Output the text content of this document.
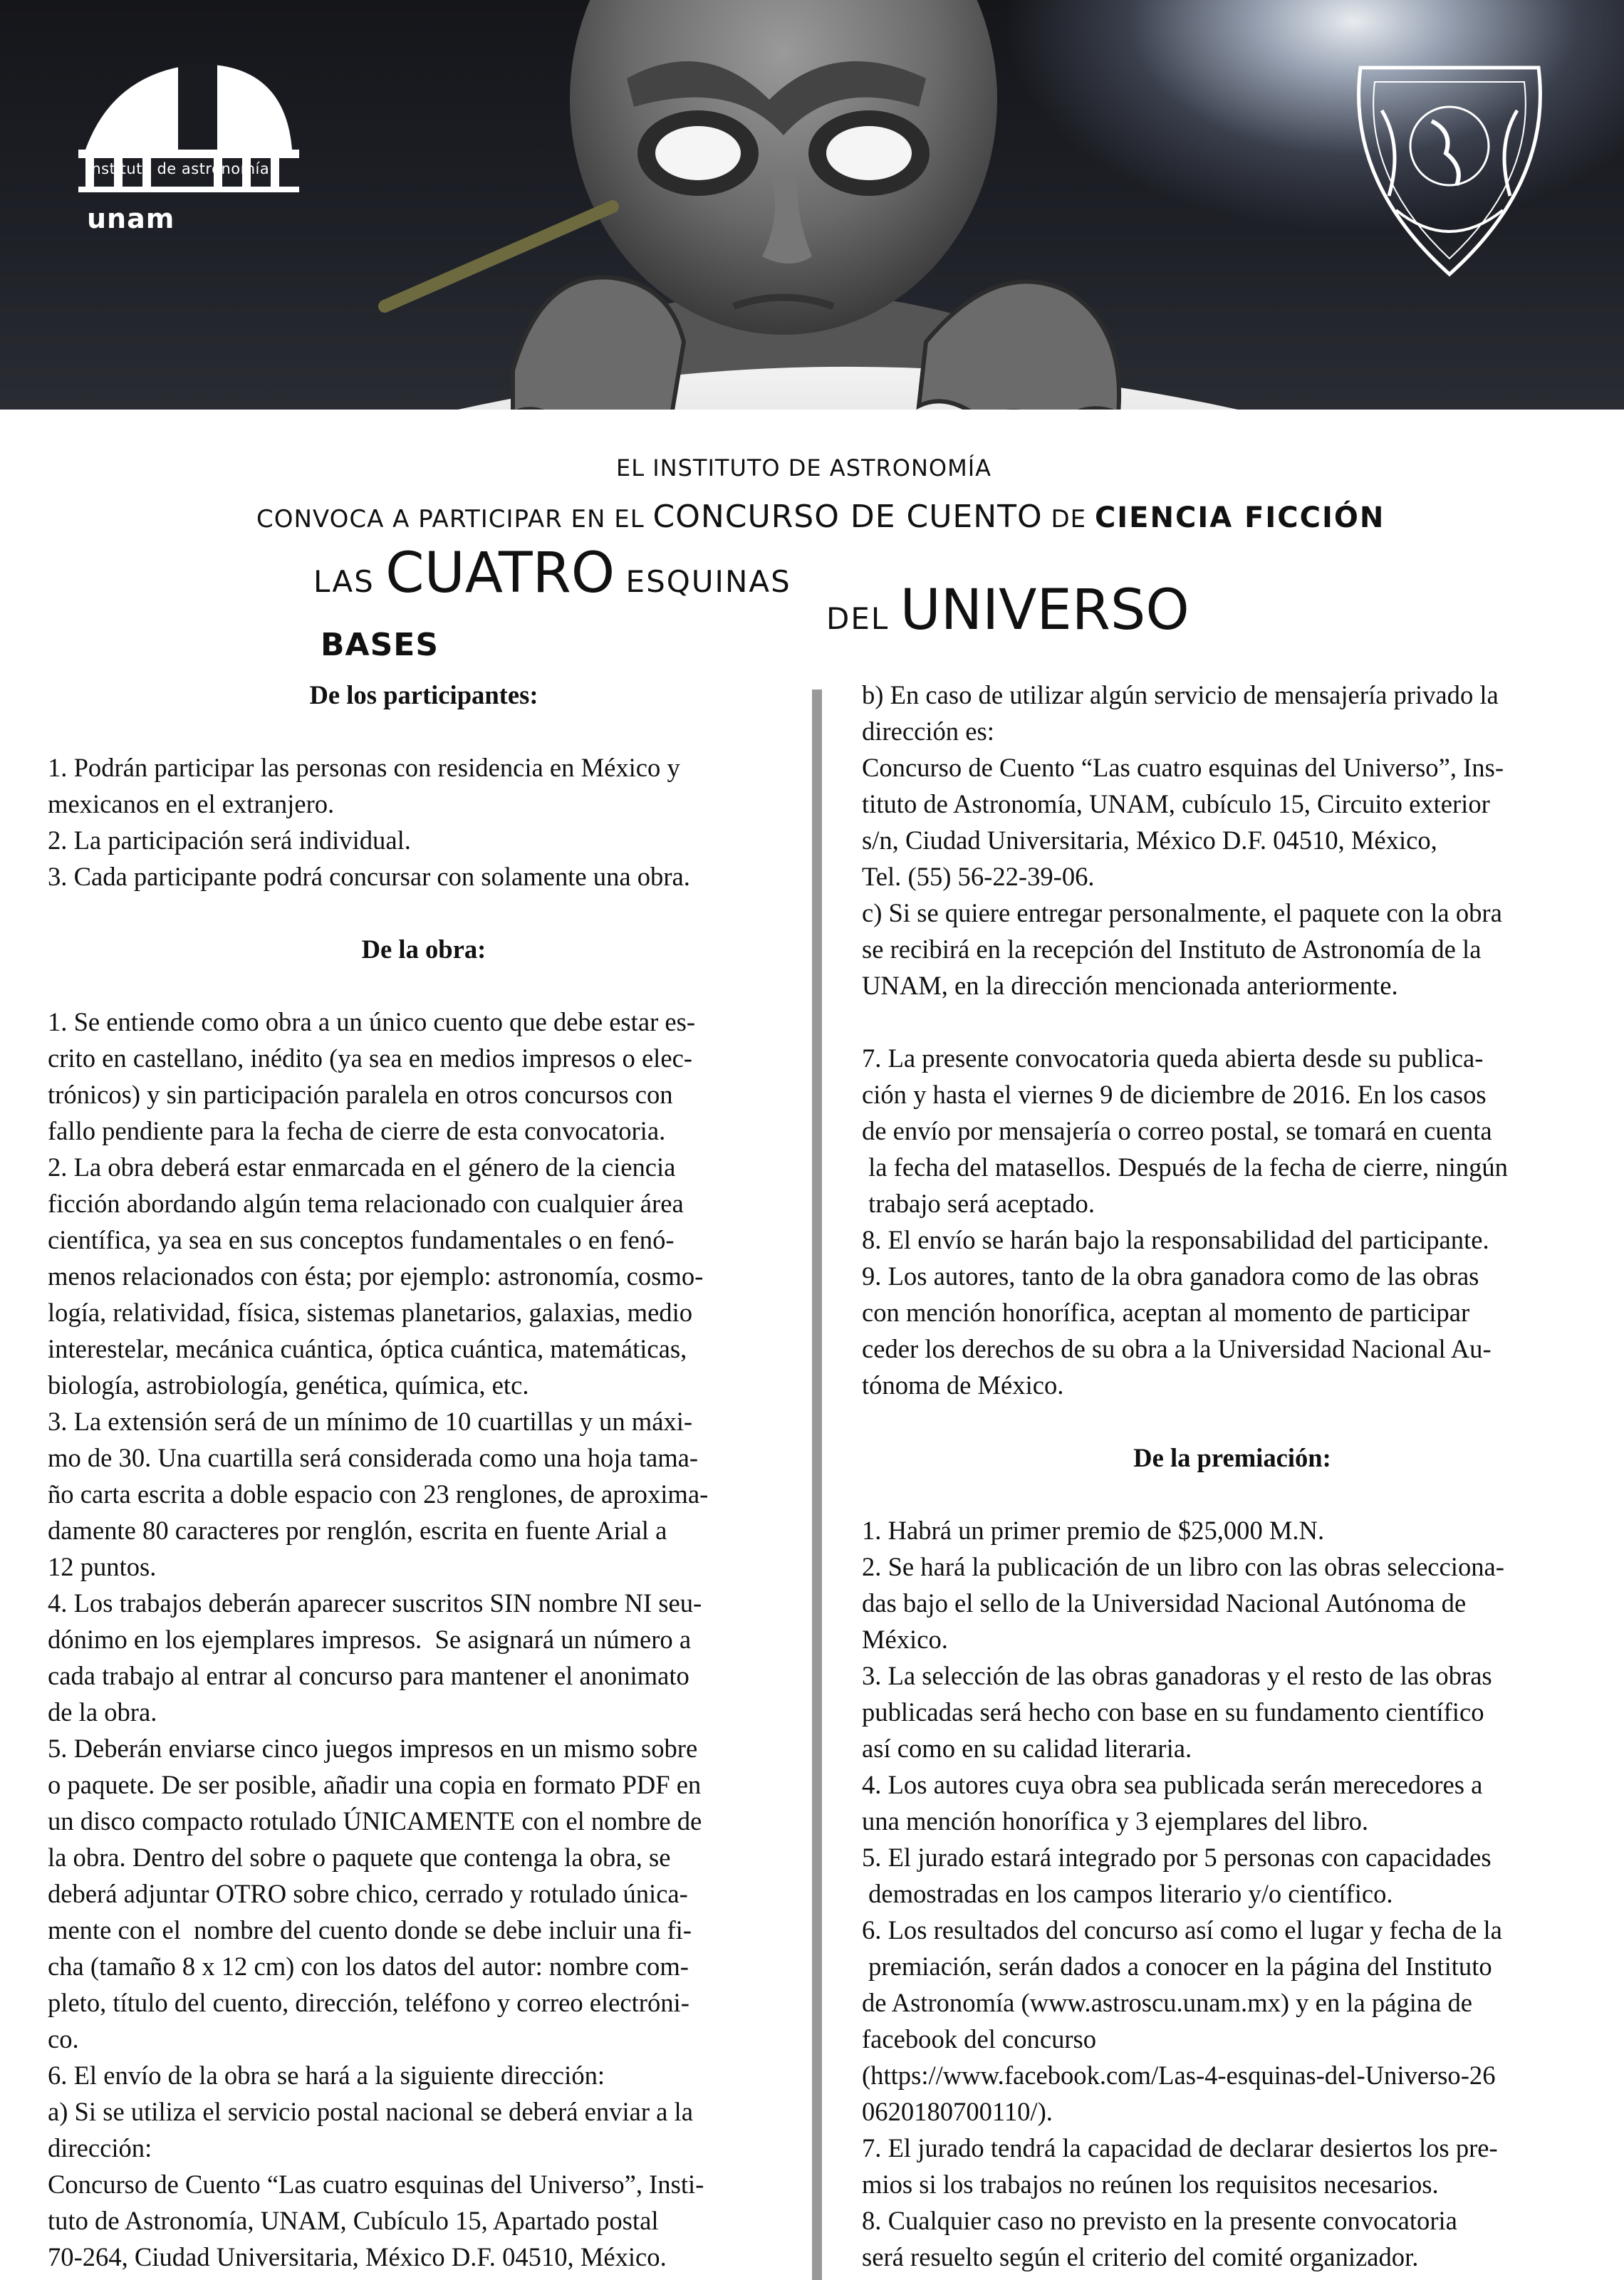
instituto de astronomía
unam
EL INSTITUTO DE ASTRONOMÍA
CONVOCA A PARTICIPAR EN EL CONCURSO DE CUENTO DE CIENCIA FICCIÓN
LAS CUATRO ESQUINAS
DEL UNIVERSO
BASES

De los participantes:

1. Podrán participar las personas con residencia en México y

mexicanos en el extranjero.

2. La participación será individual.

3. Cada participante podrá concursar con solamente una obra.

De la obra:

1. Se entiende como obra a un único cuento que debe estar es-

crito en castellano, inédito (ya sea en medios impresos o elec-

trónicos) y sin participación paralela en otros concursos con

fallo pendiente para la fecha de cierre de esta convocatoria.

2. La obra deberá estar enmarcada en el género de la ciencia

ficción abordando algún tema relacionado con cualquier área

científica, ya sea en sus conceptos fundamentales o en fenó-

menos relacionados con ésta; por ejemplo: astronomía, cosmo-

logía, relatividad, física, sistemas planetarios, galaxias, medio

interestelar, mecánica cuántica, óptica cuántica, matemáticas,

biología, astrobiología, genética, química, etc.

3. La extensión será de un mínimo de 10 cuartillas y un máxi-

mo de 30. Una cuartilla será considerada como una hoja tama-

ño carta escrita a doble espacio con 23 renglones, de aproxima-

damente 80 caracteres por renglón, escrita en fuente Arial a

12 puntos.

4. Los trabajos deberán aparecer suscritos SIN nombre NI seu-

dónimo en los ejemplares impresos.  Se asignará un número a

cada trabajo al entrar al concurso para mantener el anonimato

de la obra.

5. Deberán enviarse cinco juegos impresos en un mismo sobre

o paquete. De ser posible, añadir una copia en formato PDF en

un disco compacto rotulado ÚNICAMENTE con el nombre de

la obra. Dentro del sobre o paquete que contenga la obra, se

deberá adjuntar OTRO sobre chico, cerrado y rotulado única-

mente con el  nombre del cuento donde se debe incluir una fi-

cha (tamaño 8 x 12 cm) con los datos del autor: nombre com-

pleto, título del cuento, dirección, teléfono y correo electróni-

co.

6. El envío de la obra se hará a la siguiente dirección:

a) Si se utiliza el servicio postal nacional se deberá enviar a la

dirección:

Concurso de Cuento “Las cuatro esquinas del Universo”, Insti-

tuto de Astronomía, UNAM, Cubículo 15, Apartado postal

70-264, Ciudad Universitaria, México D.F. 04510, México.

b) En caso de utilizar algún servicio de mensajería privado la

dirección es:

Concurso de Cuento “Las cuatro esquinas del Universo”, Ins-

tituto de Astronomía, UNAM, cubículo 15, Circuito exterior

s/n, Ciudad Universitaria, México D.F. 04510, México,

Tel. (55) 56-22-39-06.

c) Si se quiere entregar personalmente, el paquete con la obra

se recibirá en la recepción del Instituto de Astronomía de la

UNAM, en la dirección mencionada anteriormente.

7. La presente convocatoria queda abierta desde su publica-

ción y hasta el viernes 9 de diciembre de 2016. En los casos

de envío por mensajería o correo postal, se tomará en cuenta

la fecha del matasellos. Después de la fecha de cierre, ningún

trabajo será aceptado.

8. El envío se harán bajo la responsabilidad del participante.

9. Los autores, tanto de la obra ganadora como de las obras

con mención honorífica, aceptan al momento de participar

ceder los derechos de su obra a la Universidad Nacional Au-

tónoma de México.

De la premiación:

1. Habrá un primer premio de $25,000 M.N.

2. Se hará la publicación de un libro con las obras selecciona-

das bajo el sello de la Universidad Nacional Autónoma de

México.

3. La selección de las obras ganadoras y el resto de las obras

publicadas será hecho con base en su fundamento científico

así como en su calidad literaria.

4. Los autores cuya obra sea publicada serán merecedores a

una mención honorífica y 3 ejemplares del libro.

5. El jurado estará integrado por 5 personas con capacidades

demostradas en los campos literario y/o científico.

6. Los resultados del concurso así como el lugar y fecha de la

premiación, serán dados a conocer en la página del Instituto

de Astronomía (www.astroscu.unam.mx) y en la página de

facebook del concurso

(https://www.facebook.com/Las-4-esquinas-del-Universo-26

0620180700110/).

7. El jurado tendrá la capacidad de declarar desiertos los pre-

mios si los trabajos no reúnen los requisitos necesarios.

8. Cualquier caso no previsto en la presente convocatoria

será resuelto según el criterio del comité organizador.
